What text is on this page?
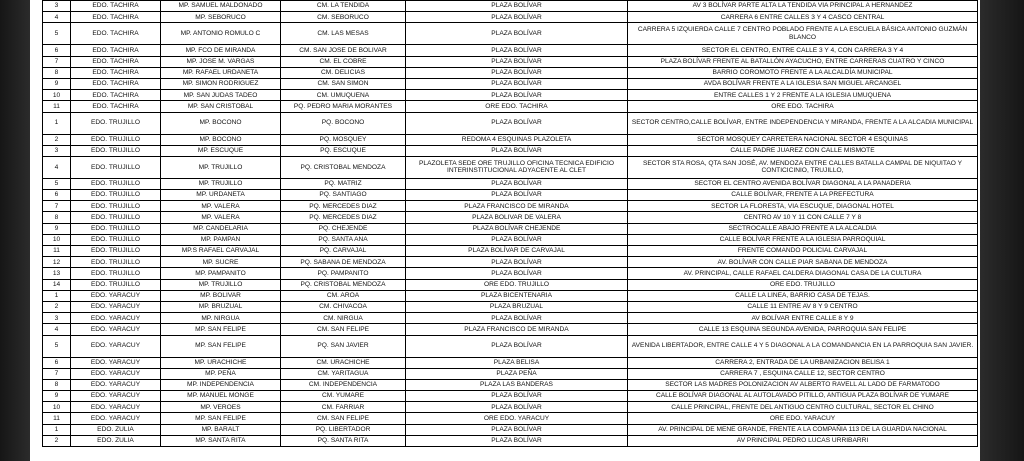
3	EDO. TACHIRA	MP. SAMUEL MALDONADO	CM. LA TENDIDA	PLAZA BOLÍVAR	AV 3 BOLÍVAR PARTE ALTA LA TENDIDA VIA PRINCIPAL A HERNANDEZ
4	EDO. TACHIRA	MP. SEBORUCO	CM. SEBORUCO	PLAZA BOLÍVAR	CARRERA 6 ENTRE CALLES 3 Y 4 CASCO CENTRAL
5	EDO. TACHIRA	MP. ANTONIO ROMULO C	CM. LAS MESAS	PLAZA BOLÍVAR	CARRERA 5 IZQUIERDA CALLE 7 CENTRO POBLADO FRENTE A LA ESCUELA BÁSICA ANTONIO GUZMÁN BLANCO
6	EDO. TACHIRA	MP. FCO DE MIRANDA	CM. SAN JOSE DE BOLIVAR	PLAZA BOLÍVAR	SECTOR EL CENTRO, ENTRE CALLE 3 Y 4, CON CARRERA 3 Y 4
7	EDO. TACHIRA	MP. JOSE M. VARGAS	CM. EL COBRE	PLAZA BOLÍVAR	PLAZA BOLÍVAR FRENTE AL BATALLÓN AYACUCHO, ENTRE CARRERAS CUATRO Y CINCO
8	EDO. TACHIRA	MP. RAFAEL URDANETA	CM. DELICIAS	PLAZA BOLÍVAR	BARRIO COROMOTO FRENTE A LA ALCALDÍA MUNICIPAL
9	EDO. TACHIRA	MP. SIMON RODRIGUEZ	CM. SAN SIMON	PLAZA BOLÍVAR	AVDA BOLÍVAR FRENTE A LA IGLESIA SAN MIGUEL ARCANGEL
10	EDO. TACHIRA	MP. SAN JUDAS TADEO	CM. UMUQUENA	PLAZA BOLÍVAR	ENTRE CALLES 1 Y 2 FRENTE A LA IGLESIA UMUQUENA
11	EDO. TACHIRA	MP. SAN CRISTOBAL	PQ. PEDRO MARIA MORANTES	ORE EDO. TACHIRA	ORE EDO. TACHIRA
1	EDO. TRUJILLO	MP. BOCONO	PQ. BOCONO	PLAZA BOLÍVAR	SECTOR CENTRO,CALLE BOLÍVAR, ENTRE INDEPENDENCIA Y MIRANDA, FRENTE A LA ALCADIA MUNICIPAL
2	EDO. TRUJILLO	MP. BOCONO	PQ. MOSQUEY	REDOMA 4 ESQUINAS PLAZOLETA	SECTOR MOSQUEY CARRETERA NACIONAL SECTOR 4 ESQUINAS
3	EDO. TRUJILLO	MP. ESCUQUE	PQ. ESCUQUE	PLAZA BOLÍVAR	CALLE PADRE JUAREZ CON CALLE MISMOTE
4	EDO. TRUJILLO	MP. TRUJILLO	PQ. CRISTOBAL MENDOZA	PLAZOLETA SEDE ORE TRUJILLO OFICINA TECNICA EDIFICIO INTERINSTITUCIONAL ADYACENTE AL CLET	SECTOR STA ROSA, QTA SAN JOSÉ, AV. MENDOZA ENTRE CALLES BATALLA CAMPAL DE NIQUITAO Y CONTICICINIO, TRUJILLO,
5	EDO. TRUJILLO	MP. TRUJILLO	PQ. MATRIZ	PLAZA BOLÍVAR	SECTOR EL CENTRO AVENIDA BOLÍVAR DIAGONAL A LA PANADERIA
6	EDO. TRUJILLO	MP. URDANETA	PQ. SANTIAGO	PLAZA BOLÍVAR	CALLE BOLÍVAR, FRENTE A LA PREFECTURA
7	EDO. TRUJILLO	MP. VALERA	PQ. MERCEDES DIAZ	PLAZA FRANCISCO DE MIRANDA	SECTOR LA FLORESTA, VIA ESCUQUE, DIAGONAL HOTEL
8	EDO. TRUJILLO	MP. VALERA	PQ. MERCEDES DIAZ	PLAZA BOLIVAR DE VALERA	CENTRO AV 10 Y 11 CON CALLE 7 Y 8
9	EDO. TRUJILLO	MP. CANDELARIA	PQ. CHEJENDE	PLAZA BOLÍVAR CHEJENDE	SECTROCALLE ABAJO FRENTE A LA ALCALDIA
10	EDO. TRUJILLO	MP. PAMPAN	PQ. SANTA ANA	PLAZA BOLÍVAR	CALLE BOLÍVAR FRENTE A LA IGLESIA PARROQUIAL
11	EDO. TRUJILLO	MP.S RAFAEL CARVAJAL	PQ. CARVAJAL	PLAZA BOLÍVAR DE CARVAJAL	FRENTE COMANDO POLICIAL CARVAJAL
12	EDO. TRUJILLO	MP. SUCRE	PQ. SABANA DE MENDOZA	PLAZA BOLÍVAR	AV. BOLÍVAR CON CALLE PIAR SABANA DE MENDOZA
13	EDO. TRUJILLO	MP. PAMPANITO	PQ. PAMPANITO	PLAZA BOLÍVAR	AV. PRINCIPAL, CALLE RAFAEL CALDERA DIAGONAL CASA DE LA CULTURA
14	EDO. TRUJILLO	MP. TRUJILLO	PQ. CRISTOBAL MENDOZA	ORE EDO. TRUJILLO	ORE EDO. TRUJILLO
1	EDO. YARACUY	MP. BOLIVAR	CM. AROA	PLAZA BICENTENARIA	CALLE LA LINEA, BARRIO CASA DE TEJAS.
2	EDO. YARACUY	MP. BRUZUAL	CM. CHIVACOA	PLAZA BRUZUAL	CALLE 11 ENTRE AV 8 Y 9 CENTRO
3	EDO. YARACUY	MP. NIRGUA	CM. NIRGUA	PLAZA BOLÍVAR	AV BOLÍVAR ENTRE CALLE 8 Y 9
4	EDO. YARACUY	MP. SAN FELIPE	CM. SAN FELIPE	PLAZA FRANCISCO DE MIRANDA	CALLE 13 ESQUINA SEGUNDA AVENIDA, PARROQUIA SAN FELIPE
5	EDO. YARACUY	MP. SAN FELIPE	PQ. SAN JAVIER	PLAZA BOLÍVAR	AVENIDA LIBERTADOR, ENTRE CALLE 4 Y 5 DIAGONAL A LA COMANDANCIA EN LA PARROQUIA SAN JAVIER.
6	EDO. YARACUY	MP. URACHICHE	CM. URACHICHE	PLAZA BELISA	CARRERA 2, ENTRADA DE LA URBANIZACION BELISA 1
7	EDO. YARACUY	MP. PEÑA	CM. YARITAGUA	PLAZA PEÑA	CARRERA 7 , ESQUINA CALLE 12, SECTOR CENTRO
8	EDO. YARACUY	MP. INDEPENDENCIA	CM. INDEPENDENCIA	PLAZA LAS BANDERAS	SECTOR LAS MADRES POLONIZACION AV ALBERTO RAVELL AL LADO DE FARMATODO
9	EDO. YARACUY	MP. MANUEL MONGE	CM. YUMARE	PLAZA BOLÍVAR	CALLE BOLÍVAR DIAGONAL AL AUTOLAVADO PITILLO, ANTIGUA PLAZA BOLÍVAR DE YUMARE
10	EDO. YARACUY	MP. VEROES	CM. FARRIAR	PLAZA BOLÍVAR	CALLE PRINCIPAL, FRENTE DEL ANTIGUO CENTRO CULTURAL, SECTOR EL CHINO
11	EDO. YARACUY	MP. SAN FELIPE	CM. SAN FELIPE	ORE EDO. YARACUY	ORE EDO. YARACUY
1	EDO. ZULIA	MP. BARALT	PQ. LIBERTADOR	PLAZA BOLÍVAR	AV. PRINCIPAL DE MENE GRANDE, FRENTE A LA COMPAÑIA 113 DE LA GUARDIA NACIONAL
2	EDO. ZULIA	MP. SANTA RITA	PQ. SANTA RITA	PLAZA BOLÍVAR	AV PRINCIPAL PEDRO LUCAS URRIBARRI
